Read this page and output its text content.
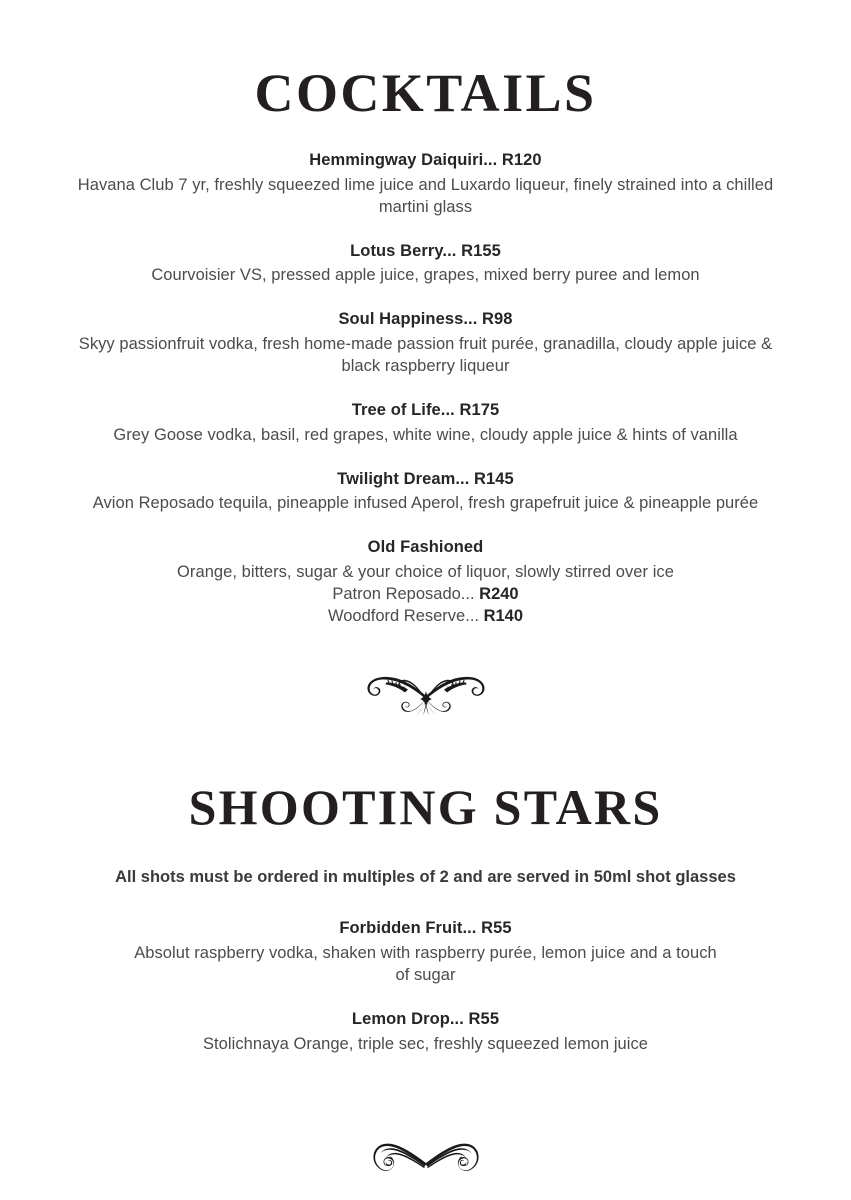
COCKTAILS

Hemmingway Daiquiri... R120

Havana Club 7 yr, freshly squeezed lime juice and Luxardo liqueur, finely strained into a chilled martini glass

Lotus Berry... R155

Courvoisier VS, pressed apple juice, grapes, mixed berry puree and lemon

Soul Happiness... R98

Skyy passionfruit vodka, fresh home-made passion fruit purée, granadilla, cloudy apple juice & black raspberry liqueur

Tree of Life... R175

Grey Goose vodka, basil, red grapes, white wine, cloudy apple juice & hints of vanilla

Twilight Dream... R145

Avion Reposado tequila, pineapple infused Aperol, fresh grapefruit juice & pineapple purée

Old Fashioned

Orange, bitters, sugar & your choice of liquor, slowly stirred over ice

Patron Reposado... R240

Woodford Reserve... R140

SHOOTING STARS

All shots must be ordered in multiples of 2 and are served in 50ml shot glasses

Forbidden Fruit... R55

Absolut raspberry vodka, shaken with raspberry purée, lemon juice and a touch of sugar

Lemon Drop... R55

Stolichnaya Orange, triple sec, freshly squeezed lemon juice
